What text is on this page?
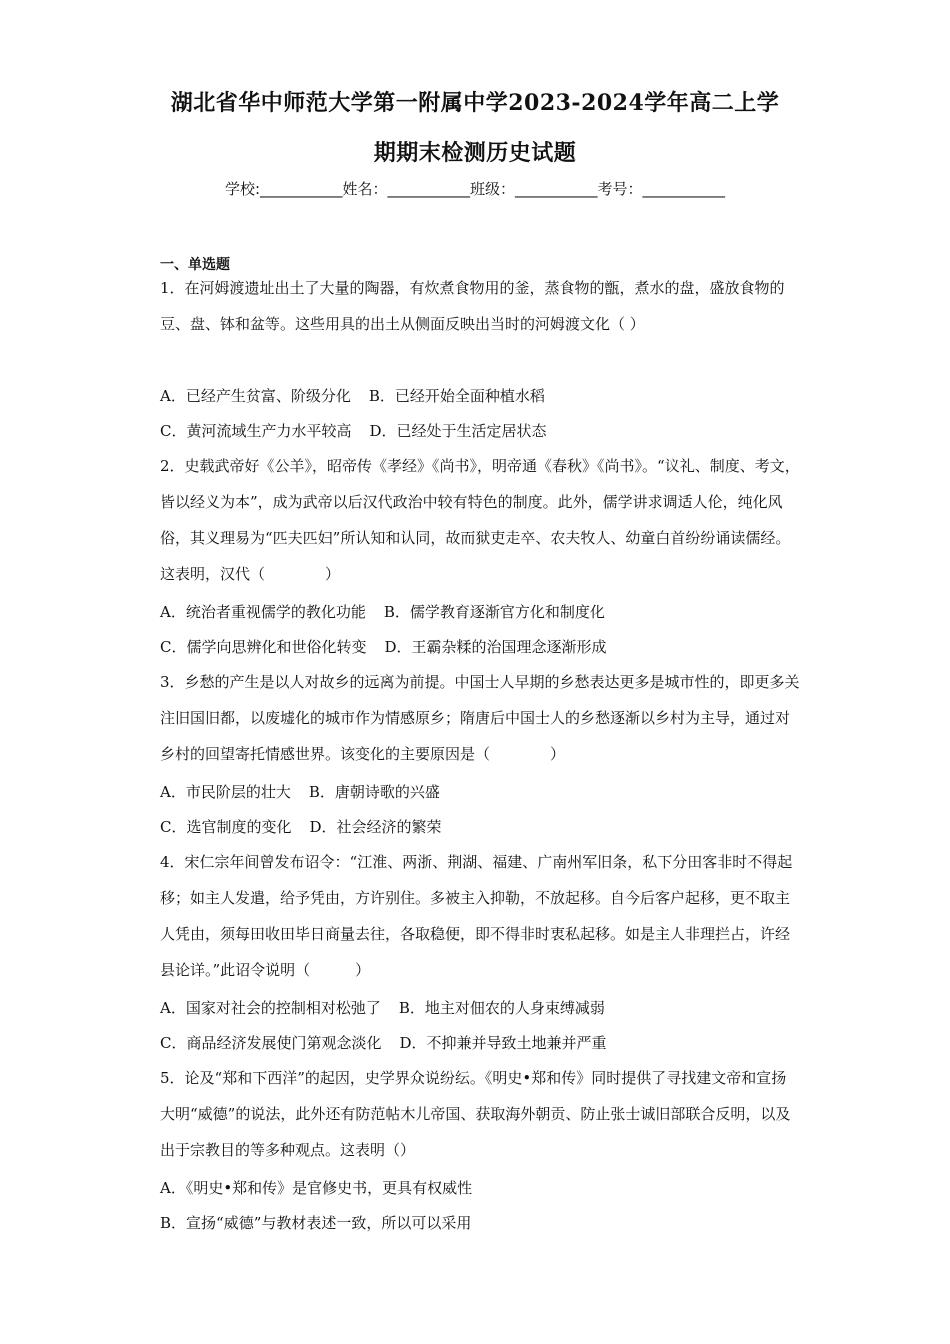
湖北省华中师范大学第一附属中学2023-2024学年高二上学
期期末检测历史试题
学校:___________姓名：___________班级：___________考号：___________
一、单选题
1．在河姆渡遗址出土了大量的陶器，有炊煮食物用的釜，蒸食物的甑，煮水的盘，盛放食物的豆、盘、钵和盆等。这些用具的出土从侧面反映出当时的河姆渡文化（ ）
A．已经产生贫富、阶级分化 B．已经开始全面种植水稻
C．黄河流域生产力水平较高 D．已经处于生活定居状态
2．史载武帝好《公羊》，昭帝传《孝经》《尚书》，明帝通《春秋》《尚书》。“议礼、制度、考文，皆以经义为本”，成为武帝以后汉代政治中较有特色的制度。此外，儒学讲求调适人伦，纯化风俗，其义理易为“匹夫匹妇”所认知和认同，故而狱吏走卒、农夫牧人、幼童白首纷纷诵读儒经。这表明，汉代（　　　　）
A．统治者重视儒学的教化功能 B．儒学教育逐渐官方化和制度化
C．儒学向思辨化和世俗化转变 D．王霸杂糅的治国理念逐渐形成
3．乡愁的产生是以人对故乡的远离为前提。中国士人早期的乡愁表达更多是城市性的，即更多关注旧国旧都，以废墟化的城市作为情感原乡；隋唐后中国士人的乡愁逐渐以乡村为主导，通过对乡村的回望寄托情感世界。该变化的主要原因是（　　　　）
A．市民阶层的壮大 B．唐朝诗歌的兴盛
C．选官制度的变化 D．社会经济的繁荣
4．宋仁宗年间曾发布诏令：“江淮、两浙、荆湖、福建、广南州军旧条，私下分田客非时不得起移；如主人发遣，给予凭由，方许别住。多被主入抑勒，不放起移。自今后客户起移，更不取主人凭由，须每田收田毕日商量去往，各取稳便，即不得非时衷私起移。如是主人非理拦占，许经县论详。”此诏令说明（　　　）
A．国家对社会的控制相对松弛了 B．地主对佃农的人身束缚减弱
C．商品经济发展使门第观念淡化 D．不抑兼并导致土地兼并严重
5．论及“郑和下西洋”的起因，史学界众说纷纭。《明史•郑和传》同时提供了寻找建文帝和宣扬大明“威德”的说法，此外还有防范帖木儿帝国、获取海外朝贡、防止张士诚旧部联合反明，以及出于宗教目的等多种观点。这表明（）
A．《明史•郑和传》是官修史书，更具有权威性
B．宣扬“威德”与教材表述一致，所以可以采用
